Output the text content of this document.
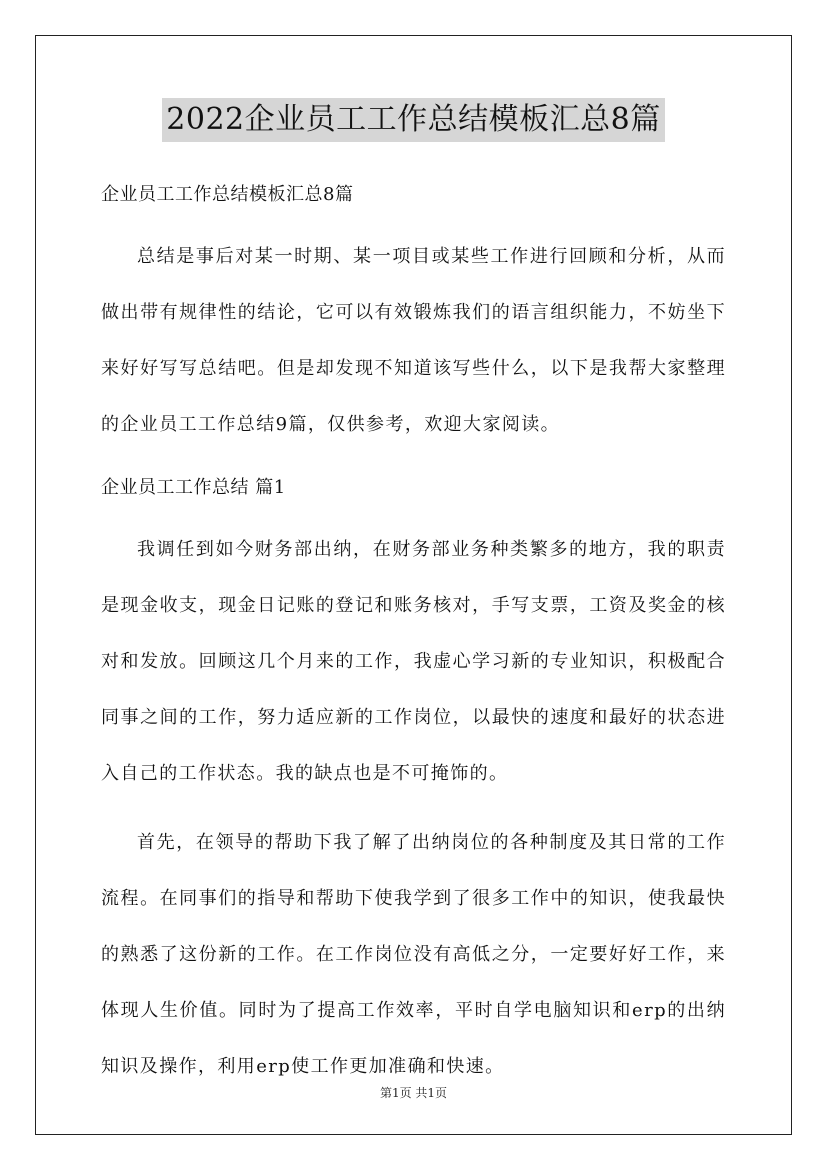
2022企业员工工作总结模板汇总8篇
企业员工工作总结模板汇总8篇

总结是事后对某一时期、某一项目或某些工作进行回顾和分析，从而做出带有规律性的结论，它可以有效锻炼我们的语言组织能力，不妨坐下来好好写写总结吧。但是却发现不知道该写些什么，以下是我帮大家整理的企业员工工作总结9篇，仅供参考，欢迎大家阅读。

企业员工工作总结 篇1

我调任到如今财务部出纳，在财务部业务种类繁多的地方，我的职责是现金收支，现金日记账的登记和账务核对，手写支票，工资及奖金的核对和发放。回顾这几个月来的工作，我虚心学习新的专业知识，积极配合同事之间的工作，努力适应新的工作岗位，以最快的速度和最好的状态进入自己的工作状态。我的缺点也是不可掩饰的。

首先，在领导的帮助下我了解了出纳岗位的各种制度及其日常的工作流程。在同事们的指导和帮助下使我学到了很多工作中的知识，使我最快的熟悉了这份新的工作。在工作岗位没有高低之分，一定要好好工作，来体现人生价值。同时为了提高工作效率，平时自学电脑知识和erp的出纳知识及操作，利用erp使工作更加准确和快速。

第1页 共1页
